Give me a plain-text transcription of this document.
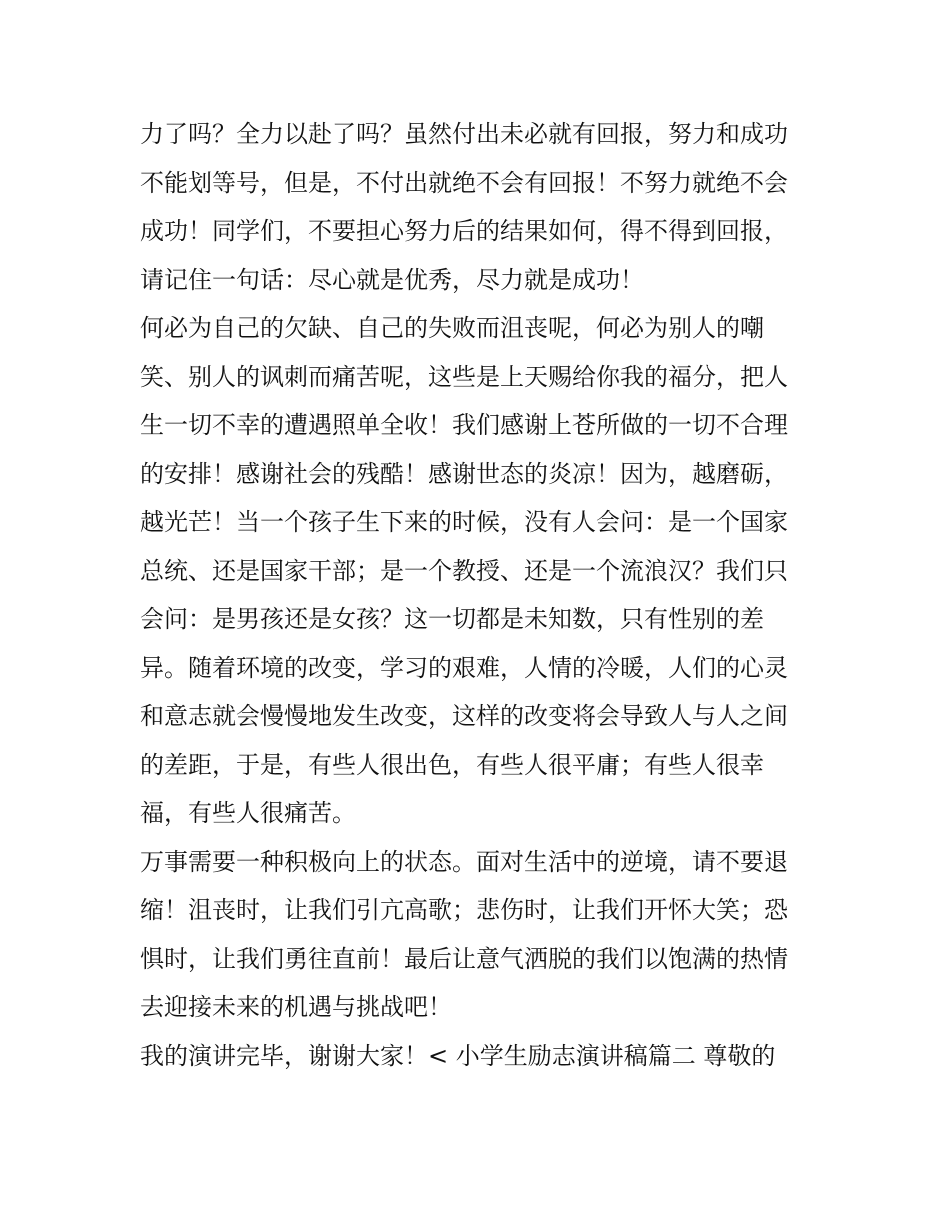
力了吗？全力以赴了吗？虽然付出未必就有回报，努力和成功
不能划等号，但是，不付出就绝不会有回报！不努力就绝不会
成功！同学们，不要担心努力后的结果如何，得不得到回报，
请记住一句话：尽心就是优秀，尽力就是成功！
何必为自己的欠缺、自己的失败而沮丧呢，何必为别人的嘲
笑、别人的讽刺而痛苦呢，这些是上天赐给你我的福分，把人
生一切不幸的遭遇照单全收！我们感谢上苍所做的一切不合理
的安排！感谢社会的残酷！感谢世态的炎凉！因为，越磨砺，
越光芒！当一个孩子生下来的时候，没有人会问：是一个国家
总统、还是国家干部；是一个教授、还是一个流浪汉？我们只
会问：是男孩还是女孩？这一切都是未知数，只有性别的差
异。随着环境的改变，学习的艰难，人情的冷暖，人们的心灵
和意志就会慢慢地发生改变，这样的改变将会导致人与人之间
的差距，于是，有些人很出色，有些人很平庸；有些人很幸
福，有些人很痛苦。
万事需要一种积极向上的状态。面对生活中的逆境，请不要退
缩！沮丧时，让我们引亢高歌；悲伤时，让我们开怀大笑；恐
惧时，让我们勇往直前！最后让意气洒脱的我们以饱满的热情
去迎接未来的机遇与挑战吧！
我的演讲完毕，谢谢大家！< 小学生励志演讲稿篇二 尊敬的
